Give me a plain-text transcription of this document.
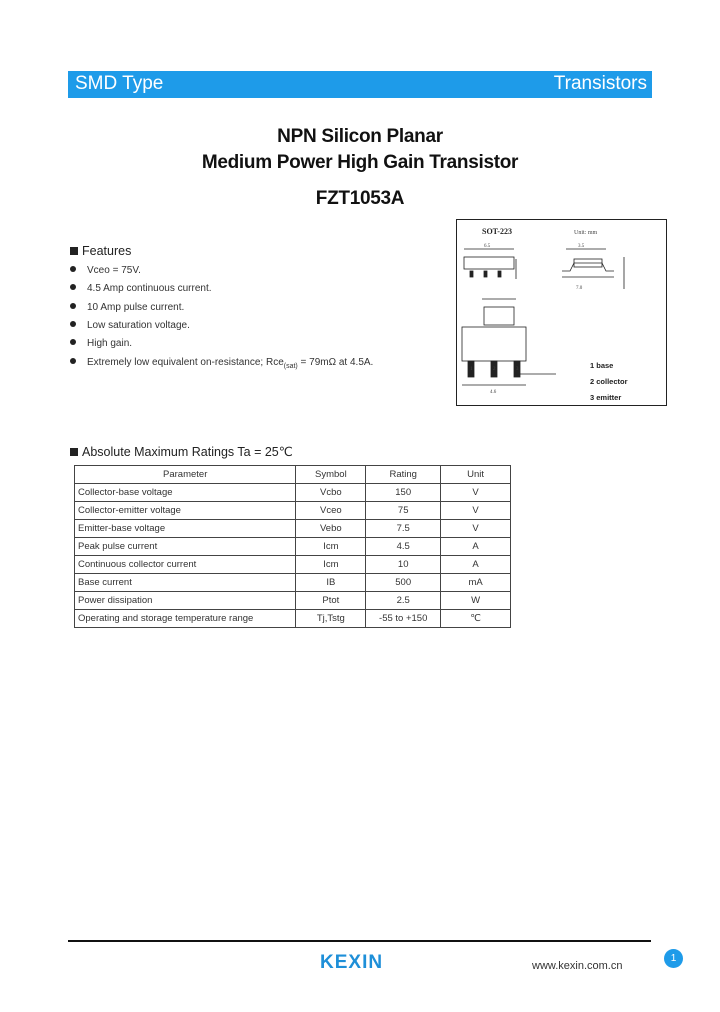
SMD Type	Transistors
NPN Silicon Planar
Medium Power High Gain Transistor
FZT1053A
Features
Vceo = 75V.
4.5 Amp continuous current.
10 Amp pulse current.
Low saturation voltage.
High gain.
Extremely low equivalent on-resistance; Rce$_{(sat)}$ = 79mΩ at 4.5A.
SOT-223	Unit: mm
6.5	3.5
7.0
1	2	3
4.6
1 base
2 collector
3 emitter
Absolute Maximum Ratings Ta = 25℃
Parameter	Symbol	Rating	Unit
Collector-base voltage	Vcbo	150	V
Collector-emitter voltage	Vceo	75	V
Emitter-base voltage	Vebo	7.5	V
Peak pulse current	Icm	4.5	A
Continuous collector current	Icm	10	A
Base current	IB	500	mA
Power dissipation	Ptot	2.5	W
Operating and storage temperature range	Tj,Tstg	-55 to +150	℃
KEXIN	www.kexin.com.cn
1
